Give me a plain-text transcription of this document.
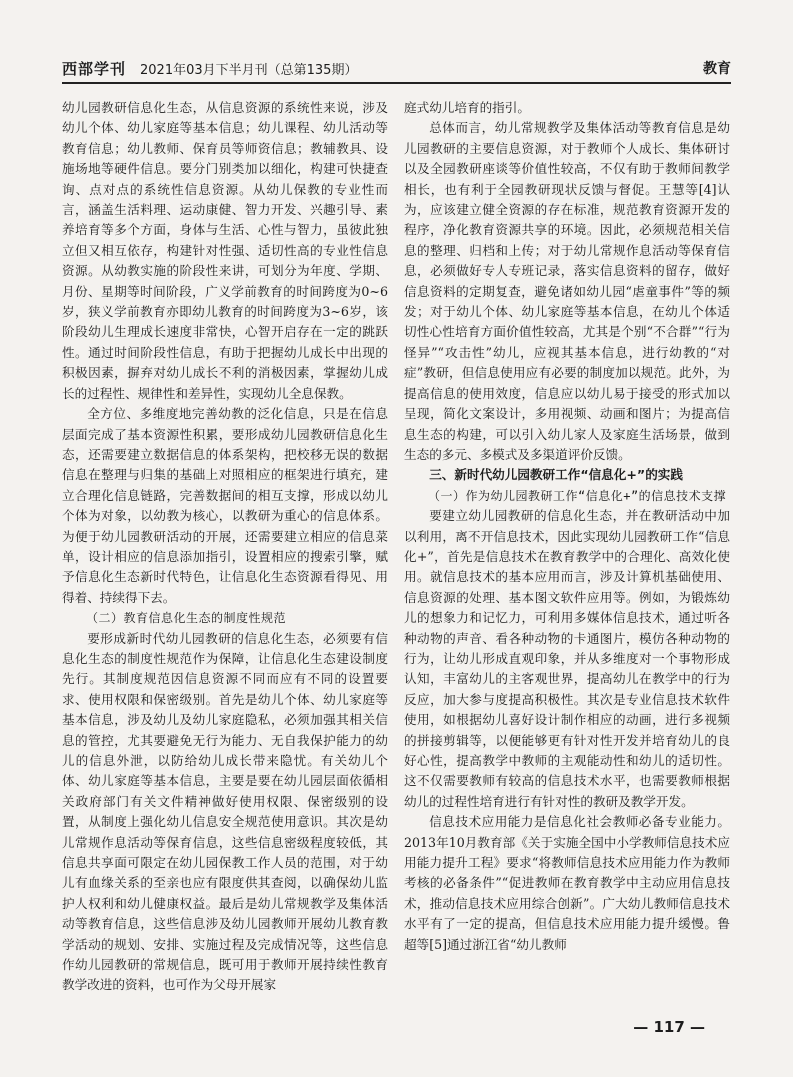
西部学刊 2021年03月下半月刊（总第135期）	教育

幼儿园教研信息化生态，从信息资源的系统性来说，涉及幼儿个体、幼儿家庭等基本信息；幼儿课程、幼儿活动等教育信息；幼儿教师、保育员等师资信息；教辅教具、设施场地等硬件信息。要分门别类加以细化，构建可快捷查询、点对点的系统性信息资源。从幼儿保教的专业性而言，涵盖生活料理、运动康健、智力开发、兴趣引导、素养培育等多个方面，身体与生活、心性与智力，虽彼此独立但又相互依存，构建针对性强、适切性高的专业性信息资源。从幼教实施的阶段性来讲，可划分为年度、学期、月份、星期等时间阶段，广义学前教育的时间跨度为0~6岁，狭义学前教育亦即幼儿教育的时间跨度为3~6岁，该阶段幼儿生理成长速度非常快，心智开启存在一定的跳跃性。通过时间阶段性信息，有助于把握幼儿成长中出现的积极因素，摒弃对幼儿成长不利的消极因素，掌握幼儿成长的过程性、规律性和差异性，实现幼儿全息保教。

全方位、多维度地完善幼教的泛化信息，只是在信息层面完成了基本资源性积累，要形成幼儿园教研信息化生态，还需要建立数据信息的体系架构，把校移无误的数据信息在整理与归集的基础上对照相应的框架进行填充，建立合理化信息链路，完善数据间的相互支撑，形成以幼儿个体为对象，以幼教为核心，以教研为重心的信息体系。为便于幼儿园教研活动的开展，还需要建立相应的信息菜单，设计相应的信息添加指引，设置相应的搜索引擎，赋予信息化生态新时代特色，让信息化生态资源看得见、用得着、持续得下去。

（二）教育信息化生态的制度性规范

要形成新时代幼儿园教研的信息化生态，必须要有信息化生态的制度性规范作为保障，让信息化生态建设制度先行。其制度规范因信息资源不同而应有不同的设置要求、使用权限和保密级别。首先是幼儿个体、幼儿家庭等基本信息，涉及幼儿及幼儿家庭隐私，必须加强其相关信息的管控，尤其要避免无行为能力、无自我保护能力的幼儿的信息外泄，以防给幼儿成长带来隐忧。有关幼儿个体、幼儿家庭等基本信息，主要是要在幼儿园层面依循相关政府部门有关文件精神做好使用权限、保密级别的设置，从制度上强化幼儿信息安全规范使用意识。其次是幼儿常规作息活动等保育信息，这些信息密级程度较低，其信息共享面可限定在幼儿园保教工作人员的范围，对于幼儿有血缘关系的至亲也应有限度供其查阅，以确保幼儿监护人权利和幼儿健康权益。最后是幼儿常规教学及集体活动等教育信息，这些信息涉及幼儿园教师开展幼儿教育教学活动的规划、安排、实施过程及完成情况等，这些信息作幼儿园教研的常规信息，既可用于教师开展持续性教育教学改进的资料，也可作为父母开展家

庭式幼儿培育的指引。

总体而言，幼儿常规教学及集体活动等教育信息是幼儿园教研的主要信息资源，对于教师个人成长、集体研讨以及全园教研座谈等价值性较高，不仅有助于教师间教学相长，也有利于全园教研现状反馈与督促。王慧等[4]认为，应该建立健全资源的存在标准，规范教育资源开发的程序，净化教育资源共享的环境。因此，必须规范相关信息的整理、归档和上传；对于幼儿常规作息活动等保育信息，必须做好专人专班记录，落实信息资料的留存，做好信息资料的定期复查，避免诸如幼儿园“虐童事件”等的频发；对于幼儿个体、幼儿家庭等基本信息，在幼儿个体适切性心性培育方面价值性较高，尤其是个别“不合群”“行为怪异”“攻击性”幼儿，应视其基本信息，进行幼教的“对症”教研，但信息使用应有必要的制度加以规范。此外，为提高信息的使用效度，信息应以幼儿易于接受的形式加以呈现，简化文案设计，多用视频、动画和图片；为提高信息生态的构建，可以引入幼儿家人及家庭生活场景，做到生态的多元、多模式及多渠道评价反馈。

三、新时代幼儿园教研工作“信息化+”的实践
（一）作为幼儿园教研工作“信息化+”的信息技术支撑

要建立幼儿园教研的信息化生态，并在教研活动中加以利用，离不开信息技术，因此实现幼儿园教研工作“信息化+”，首先是信息技术在教育教学中的合理化、高效化使用。就信息技术的基本应用而言，涉及计算机基础使用、信息资源的处理、基本图文软件应用等。例如，为锻炼幼儿的想象力和记忆力，可利用多媒体信息技术，通过听各种动物的声音、看各种动物的卡通图片，模仿各种动物的行为，让幼儿形成直观印象，并从多维度对一个事物形成认知，丰富幼儿的主客观世界，提高幼儿在教学中的行为反应，加大参与度提高积极性。其次是专业信息技术软件使用，如根据幼儿喜好设计制作相应的动画，进行多视频的拼接剪辑等，以便能够更有针对性开发并培育幼儿的良好心性，提高教学中教师的主观能动性和幼儿的适切性。这不仅需要教师有较高的信息技术水平，也需要教师根据幼儿的过程性培育进行有针对性的教研及教学开发。

信息技术应用能力是信息化社会教师必备专业能力。2013年10月教育部《关于实施全国中小学教师信息技术应用能力提升工程》要求“将教师信息技术应用能力作为教师考核的必备条件”“促进教师在教育教学中主动应用信息技术，推动信息技术应用综合创新”。广大幼儿教师信息技术水平有了一定的提高，但信息技术应用能力提升缓慢。鲁超等[5]通过浙江省“幼儿教师

— 117 —
